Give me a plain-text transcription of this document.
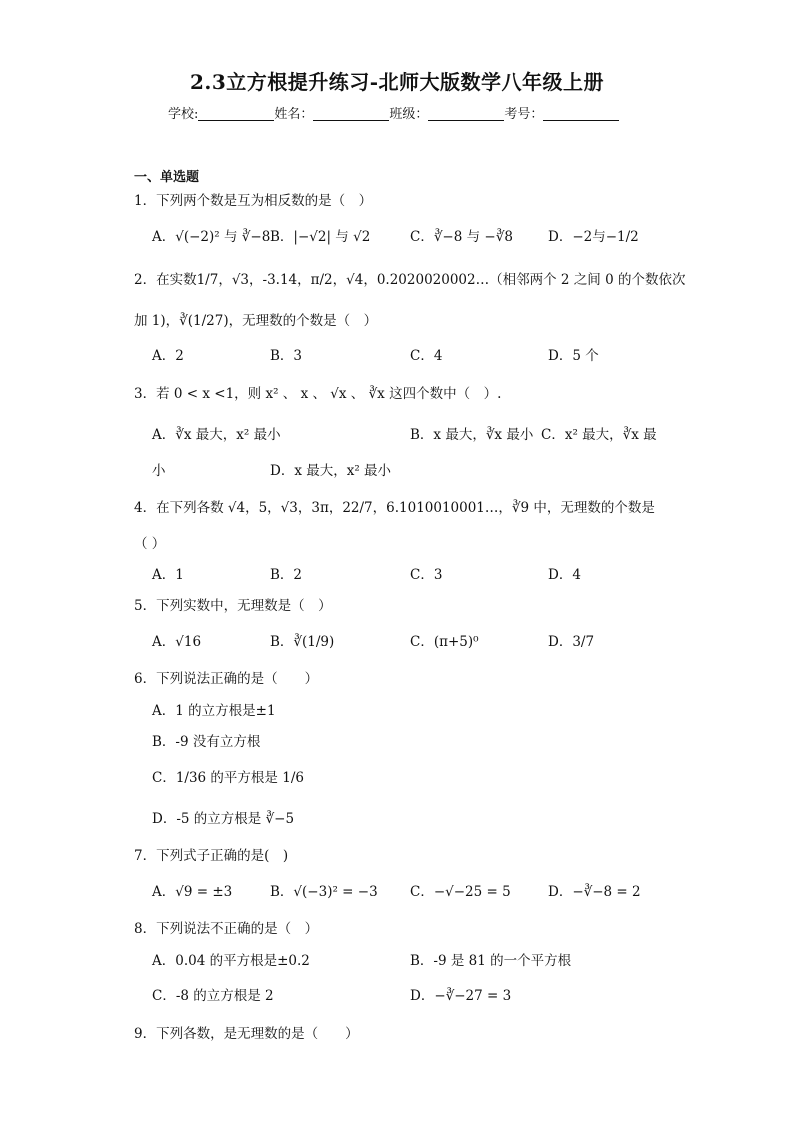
2.3立方根提升练习-北师大版数学八年级上册
学校:	姓名：	班级：	考号：
一、单选题
1．下列两个数是互为相反数的是（　）
A．√(−2)² 与 ∛−8 B．|−√2| 与 √2	C．∛−8 与 −∛8	D．−2与−1/2
2．在实数1/7，√3，-3.14，π/2，√4，0.2020020002…（相邻两个 2 之间 0 的个数依次
加 1)，∛(1/27)，无理数的个数是（　）
A．2	B．3	C．4	D．5 个
3．若 0 < x <1，则 x² 、 x 、 √x 、 ∛x 这四个数中（　）.
A．∛x 最大，x² 最小	B．x 最大，∛x 最小 C．x² 最大，∛x 最
小	D．x 最大，x² 最小
4．在下列各数 √4，5，√3，3π，22/7，6.1010010001…，∛9 中，无理数的个数是
（ ）
A．1	B．2	C．3	D．4
5．下列实数中，无理数是（　）
A．√16	B．∛(1/9)	C．(π+5)⁰	D．3/7
6．下列说法正确的是（　　）
A．1 的立方根是±1
B．-9 没有立方根
C．1/36 的平方根是 1/6
D．-5 的立方根是 ∛−5
7．下列式子正确的是(　)
A．√9 = ±3	B．√(−3)² = −3 C．−√−25 = 5	D．−∛−8 = 2
8．下列说法不正确的是（　）
A．0.04 的平方根是±0.2	B．-9 是 81 的一个平方根
C．-8 的立方根是 2	D．−∛−27 = 3
9．下列各数，是无理数的是（　　）
